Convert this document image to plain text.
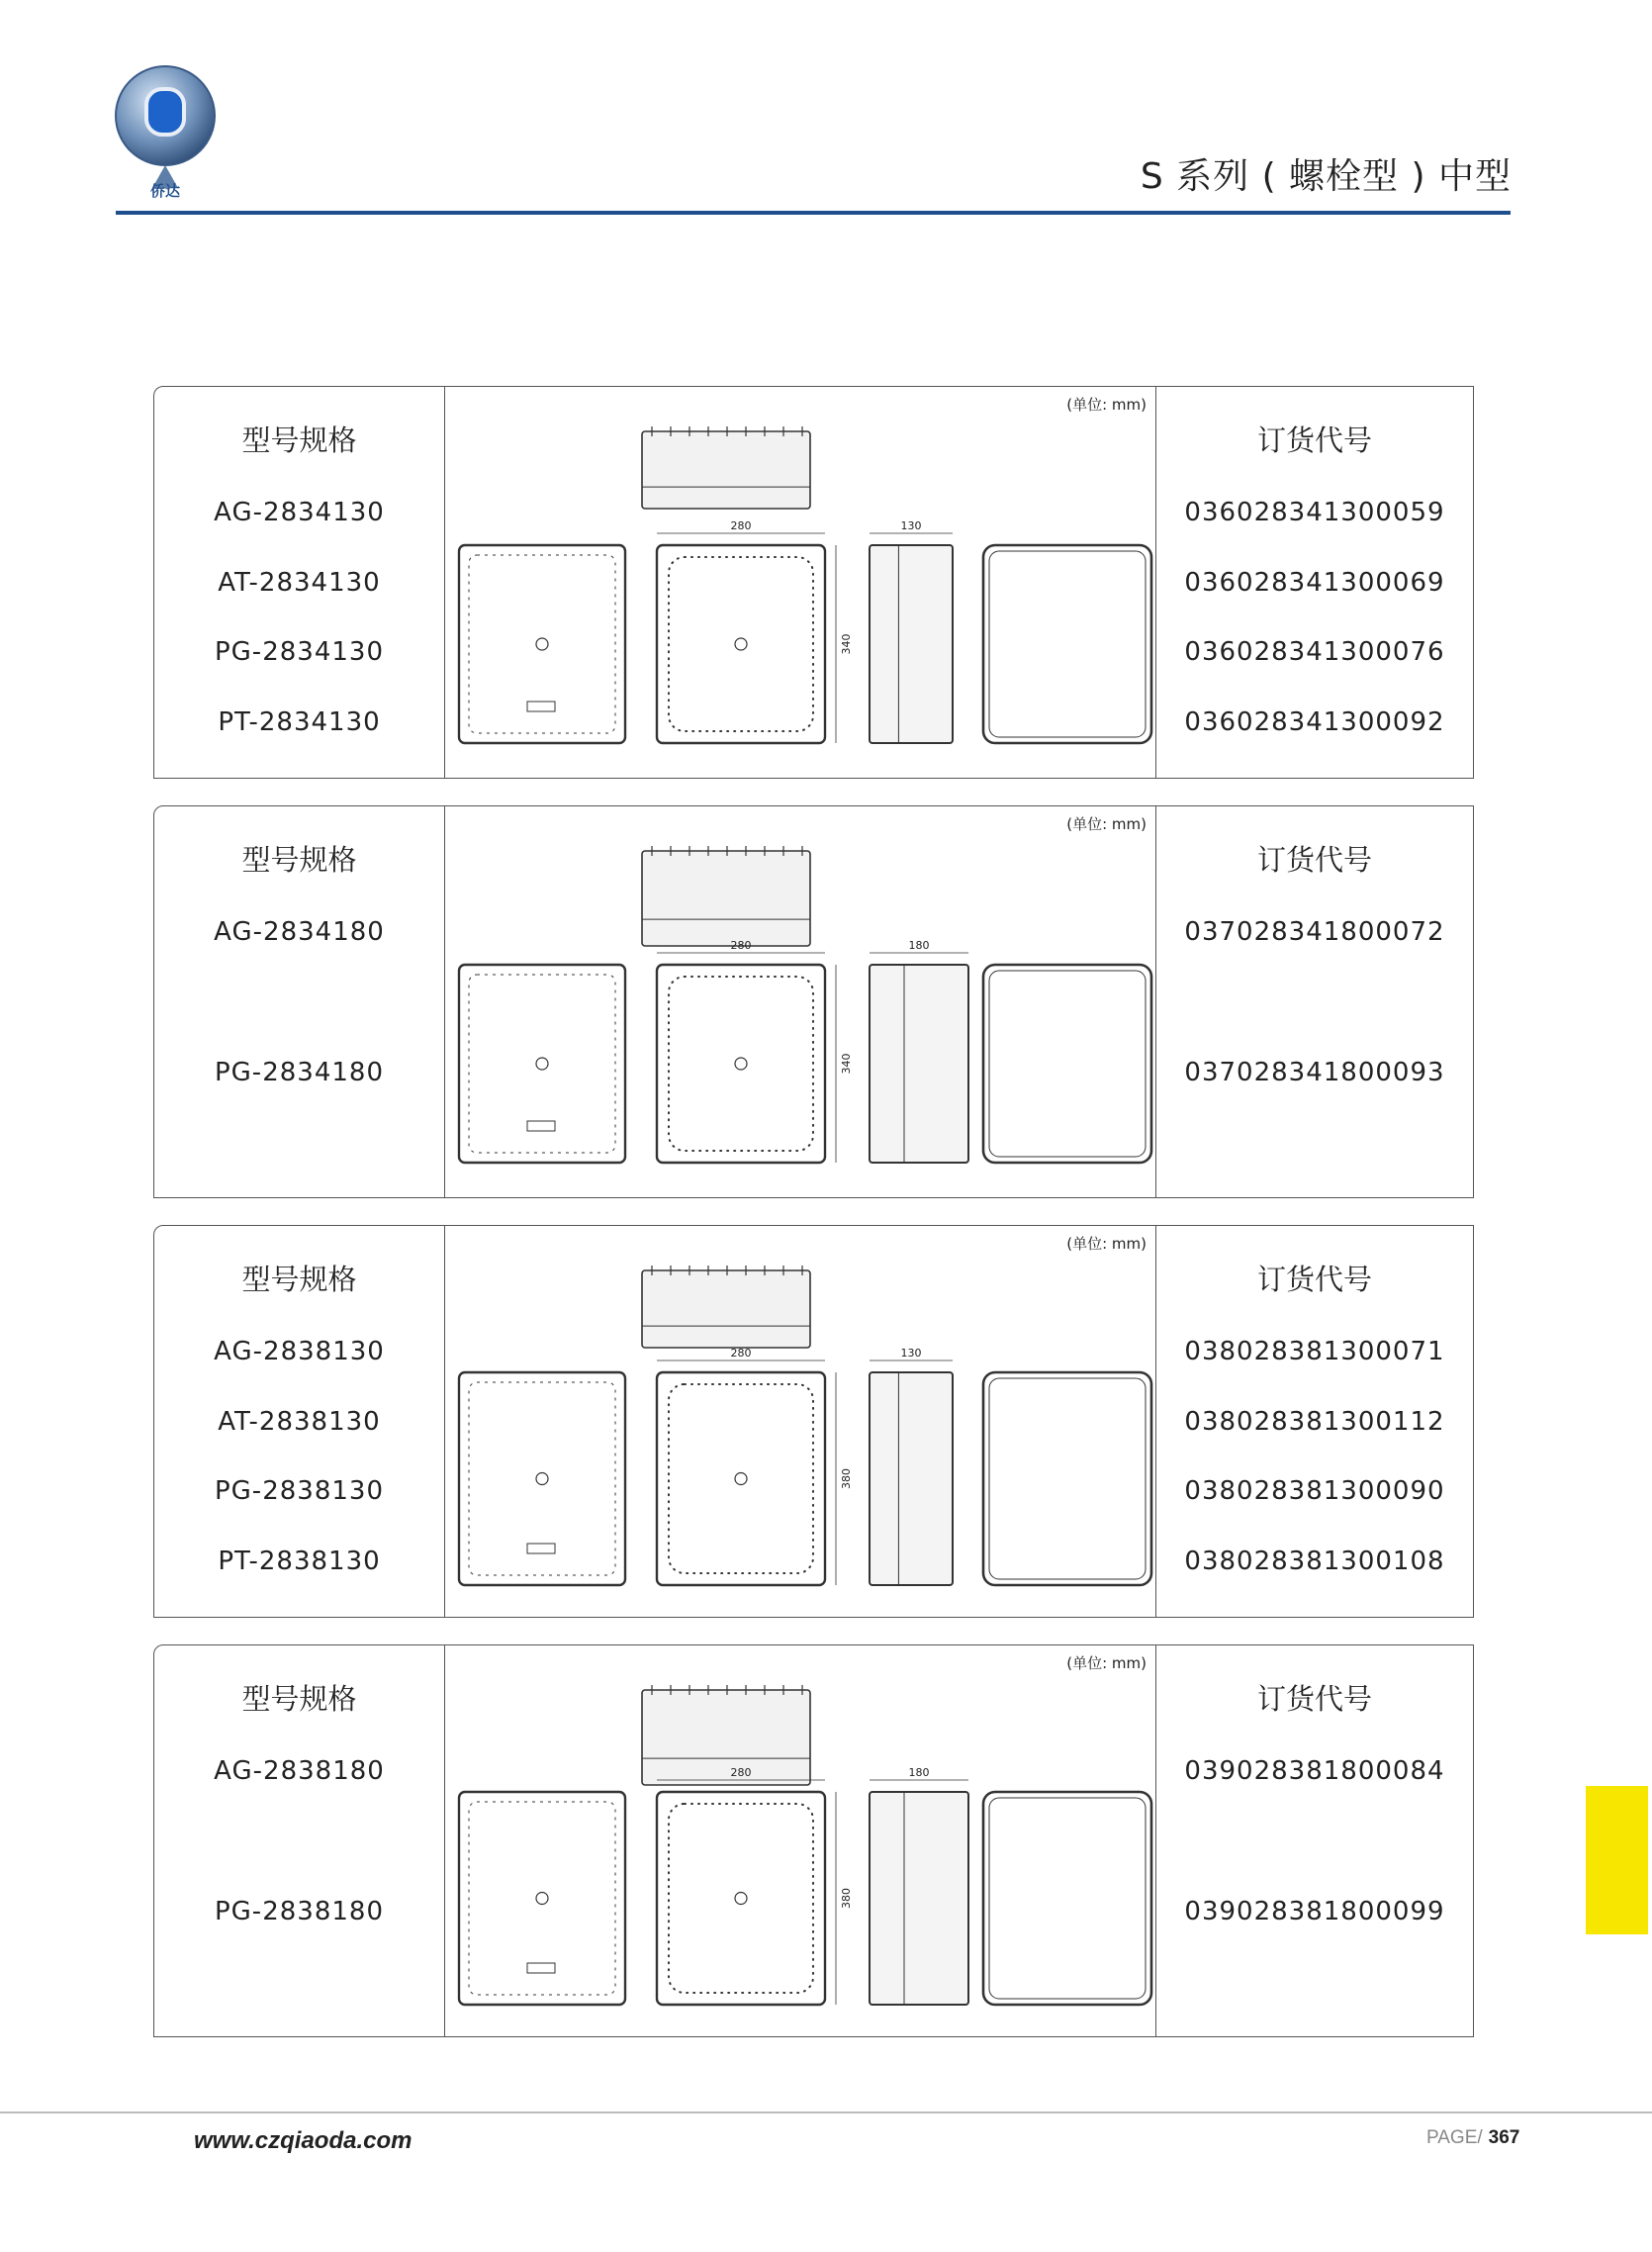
侨达	S 系列 ( 螺栓型 ) 中型
型号规格
AG-2834130
AT-2834130
PG-2834130
PT-2834130
(单位: mm)
280
340
130
订货代号
036028341300059
036028341300069
036028341300076
036028341300092
型号规格
AG-2834180
PG-2834180
(单位: mm)
280
340
180
订货代号
037028341800072
037028341800093
型号规格
AG-2838130
AT-2838130
PG-2838130
PT-2838130
(单位: mm)
280
380
130
订货代号
038028381300071
038028381300112
038028381300090
038028381300108
型号规格
AG-2838180
PG-2838180
(单位: mm)
280
380
180
订货代号
039028381800084
039028381800099
www.czqiaoda.com	PAGE/ 367
